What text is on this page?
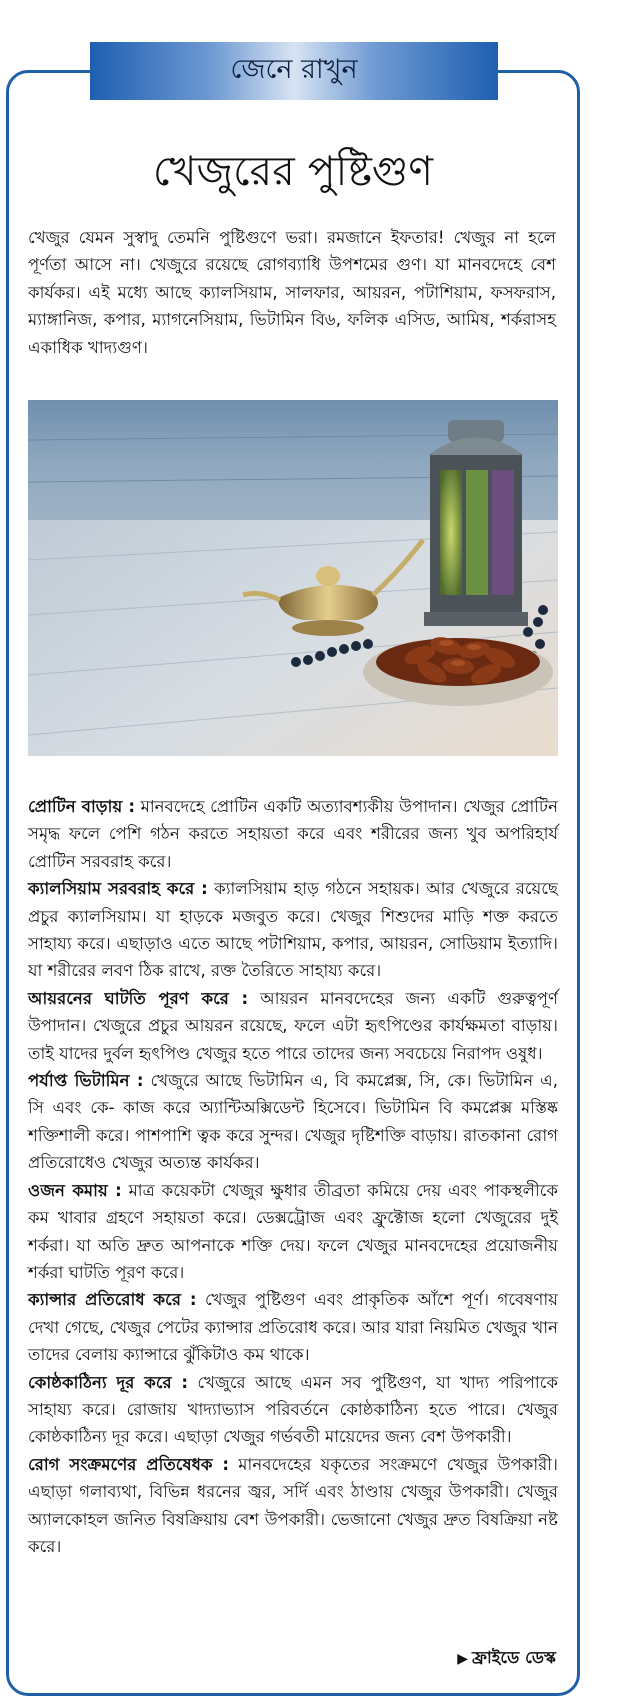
জেনে রাখুন
খেজুরের পুষ্টিগুণ

খেজুর যেমন সুস্বাদু তেমনি পুষ্টিগুণে ভরা। রমজানে ইফতার! খেজুর না হলে পূর্ণতা আসে না। খেজুরে রয়েছে রোগব্যাধি উপশমের গুণ। যা মানবদেহে বেশ কার্যকর। এই মধ্যে আছে ক্যালসিয়াম, সালফার, আয়রন, পটাশিয়াম, ফসফরাস, ম্যাঙ্গানিজ, কপার, ম্যাগনেসিয়াম, ভিটামিন বি৬, ফলিক এসিড, আমিষ, শর্করাসহ একাধিক খাদ্যগুণ।

প্রোটিন বাড়ায় : মানবদেহে প্রোটিন একটি অত্যাবশ্যকীয় উপাদান। খেজুর প্রোটিন সমৃদ্ধ ফলে পেশি গঠন করতে সহায়তা করে এবং শরীরের জন্য খুব অপরিহার্য প্রোটিন সরবরাহ করে।
ক্যালসিয়াম সরবরাহ করে : ক্যালসিয়াম হাড় গঠনে সহায়ক। আর খেজুরে রয়েছে প্রচুর ক্যালসিয়াম। যা হাড়কে মজবুত করে। খেজুর শিশুদের মাড়ি শক্ত করতে সাহায্য করে। এছাড়াও এতে আছে পটাশিয়াম, কপার, আয়রন, সোডিয়াম ইত্যাদি। যা শরীরের লবণ ঠিক রাখে, রক্ত তৈরিতে সাহায্য করে।
আয়রনের ঘাটতি পূরণ করে : আয়রন মানবদেহের জন্য একটি গুরুত্বপূর্ণ উপাদান। খেজুরে প্রচুর আয়রন রয়েছে, ফলে এটা হৃৎপিণ্ডের কার্যক্ষমতা বাড়ায়। তাই যাদের দুর্বল হৃৎপিণ্ড খেজুর হতে পারে তাদের জন্য সবচেয়ে নিরাপদ ওষুধ।
পর্যাপ্ত ভিটামিন : খেজুরে আছে ভিটামিন এ, বি কমপ্লেক্স, সি, কে। ভিটামিন এ, সি এবং কে- কাজ করে অ্যান্টিঅক্সিডেন্ট হিসেবে। ভিটামিন বি কমপ্লেক্স মস্তিষ্ক শক্তিশালী করে। পাশপাশি ত্বক করে সুন্দর। খেজুর দৃষ্টিশক্তি বাড়ায়। রাতকানা রোগ প্রতিরোধেও খেজুর অত্যন্ত কার্যকর।
ওজন কমায় : মাত্র কয়েকটা খেজুর ক্ষুধার তীব্রতা কমিয়ে দেয় এবং পাকস্থলীকে কম খাবার গ্রহণে সহায়তা করে। ডেক্সট্রোজ এবং ফ্রুক্টোজ হলো খেজুরের দুই শর্করা। যা অতি দ্রুত আপনাকে শক্তি দেয়। ফলে খেজুর মানবদেহের প্রয়োজনীয় শর্করা ঘাটতি পূরণ করে।
ক্যান্সার প্রতিরোধ করে : খেজুর পুষ্টিগুণ এবং প্রাকৃতিক আঁশে পূর্ণ। গবেষণায় দেখা গেছে, খেজুর পেটের ক্যান্সার প্রতিরোধ করে। আর যারা নিয়মিত খেজুর খান তাদের বেলায় ক্যান্সারে ঝুঁকিটাও কম থাকে।
কোষ্ঠকাঠিন্য দূর করে : খেজুরে আছে এমন সব পুষ্টিগুণ, যা খাদ্য পরিপাকে সাহায্য করে। রোজায় খাদ্যাভ্যাস পরিবর্তনে কোষ্ঠকাঠিন্য হতে পারে। খেজুর কোষ্ঠকাঠিন্য দূর করে। এছাড়া খেজুর গর্ভবতী মায়েদের জন্য বেশ উপকারী।
রোগ সংক্রমণের প্রতিষেধক : মানবদেহের যকৃতের সংক্রমণে খেজুর উপকারী। এছাড়া গলাব্যথা, বিভিন্ন ধরনের জ্বর, সর্দি এবং ঠাণ্ডায় খেজুর উপকারী। খেজুর অ্যালকোহল জনিত বিষক্রিয়ায় বেশ উপকারী। ভেজানো খেজুর দ্রুত বিষক্রিয়া নষ্ট করে।

▶ ফ্রাইডে ডেস্ক
